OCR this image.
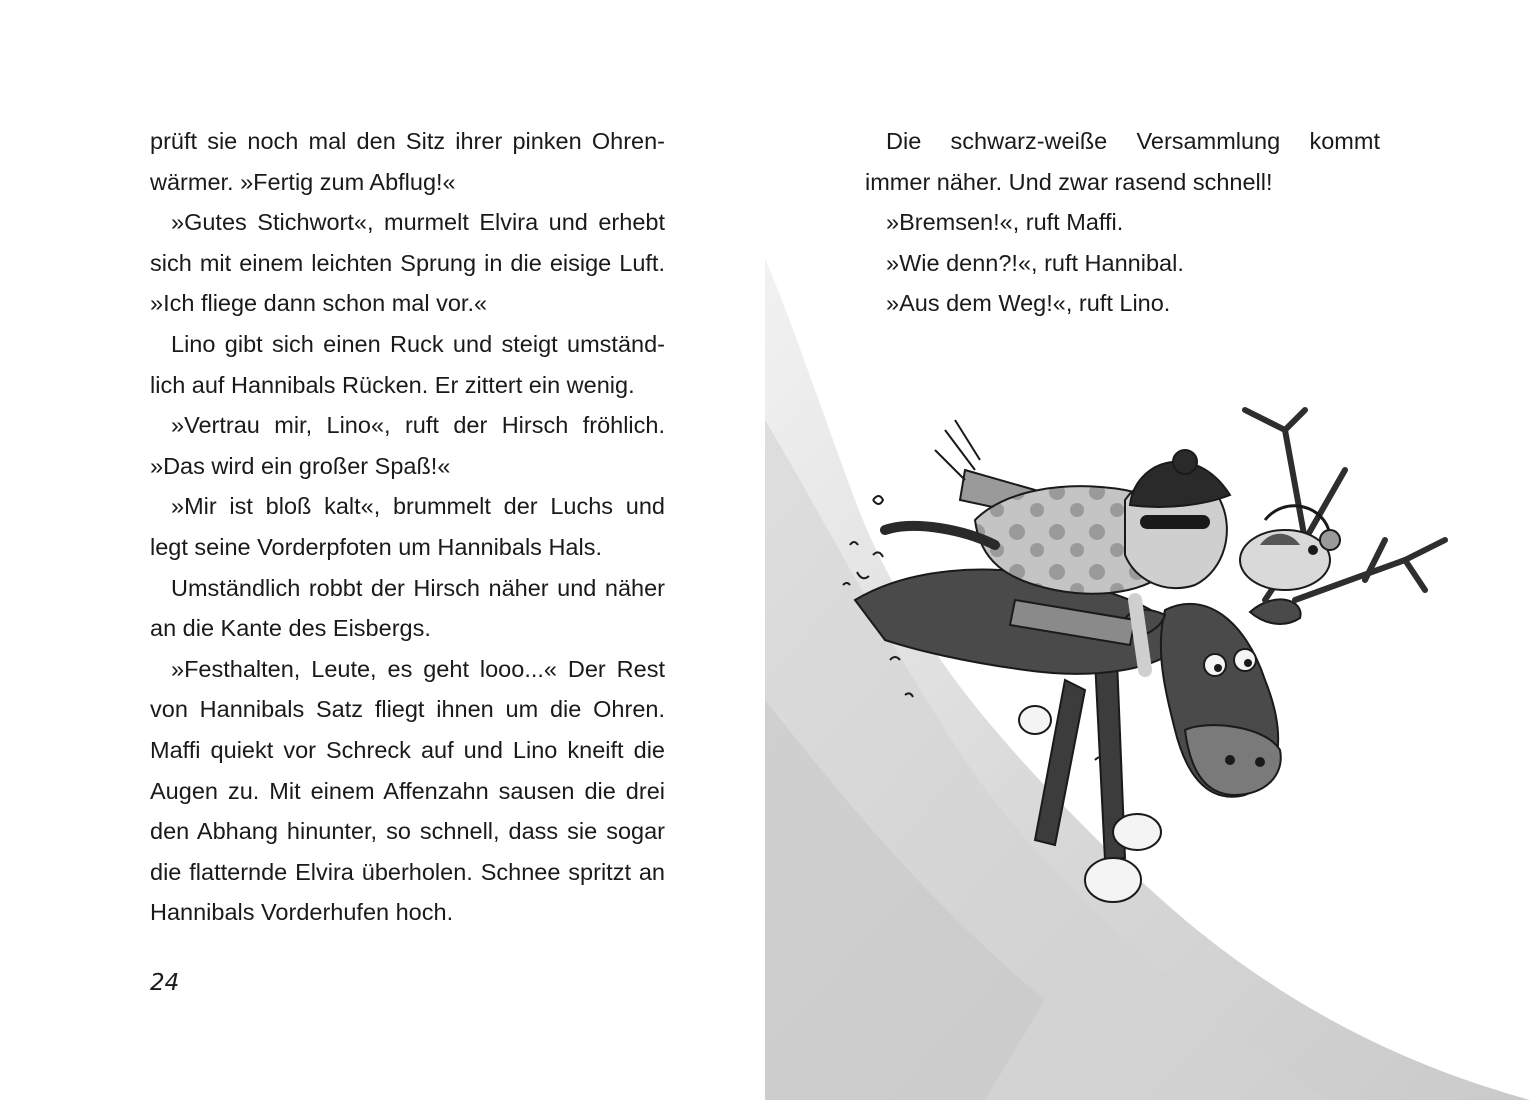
prüft sie noch mal den Sitz ihrer pinken Ohren-wärmer. »Fertig zum Abflug!«

»Gutes Stichwort«, murmelt Elvira und erhebt sich mit einem leichten Sprung in die eisige Luft. »Ich fliege dann schon mal vor.«

Lino gibt sich einen Ruck und steigt umständ-lich auf Hannibals Rücken. Er zittert ein wenig.

»Vertrau mir, Lino«, ruft der Hirsch fröhlich. »Das wird ein großer Spaß!«

»Mir ist bloß kalt«, brummelt der Luchs und legt seine Vorderpfoten um Hannibals Hals.

Umständlich robbt der Hirsch näher und näher an die Kante des Eisbergs.

»Festhalten, Leute, es geht looo...« Der Rest von Hannibals Satz fliegt ihnen um die Ohren. Maffi quiekt vor Schreck auf und Lino kneift die Augen zu. Mit einem Affenzahn sausen die drei den Abhang hinunter, so schnell, dass sie sogar die flatternde Elvira überholen. Schnee spritzt an Hannibals Vorderhufen hoch.

24

Die schwarz-weiße Versammlung kommt immer näher. Und zwar rasend schnell!

»Bremsen!«, ruft Maffi.

»Wie denn?!«, ruft Hannibal.

»Aus dem Weg!«, ruft Lino.
